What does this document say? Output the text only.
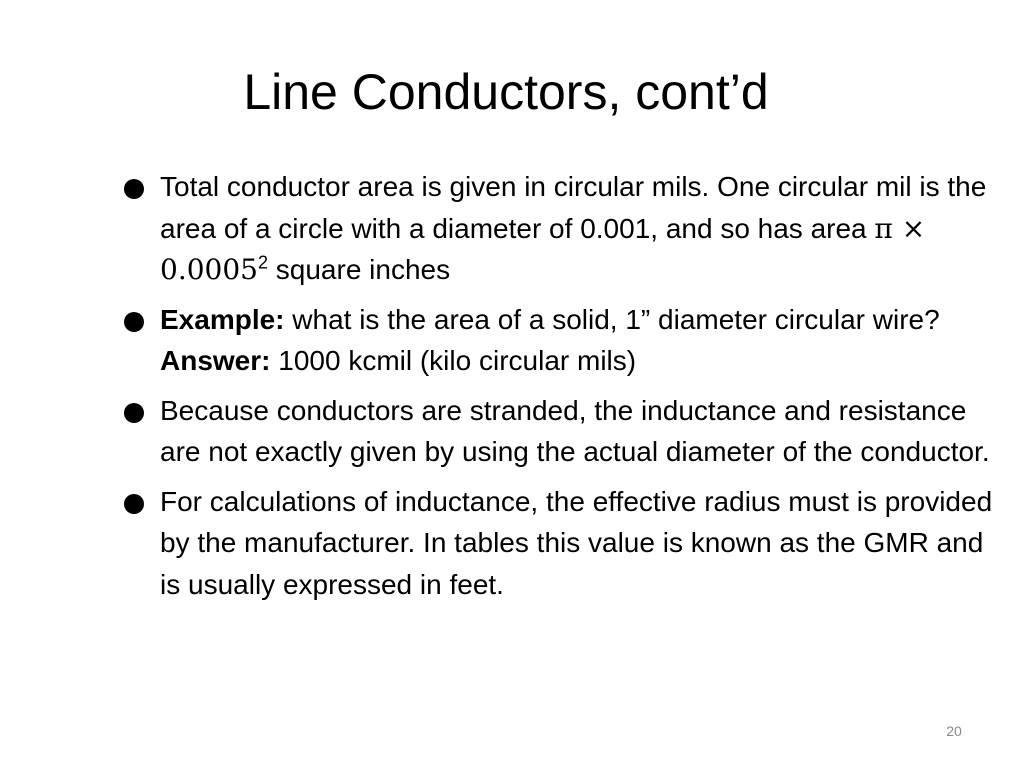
Line Conductors, cont’d

Total conductor area is given in circular mils. One circular mil is the area of a circle with a diameter of 0.001, and so has area $\pi \times 0.0005^2$ square inches

Example: what is the area of a solid, 1” diameter circular wire?

Answer: 1000 kcmil (kilo circular mils)

Because conductors are stranded, the inductance and resistance are not exactly given by using the actual diameter of the conductor.

For calculations of inductance, the effective radius must is provided by the manufacturer. In tables this value is known as the GMR and is usually expressed in feet.

20
